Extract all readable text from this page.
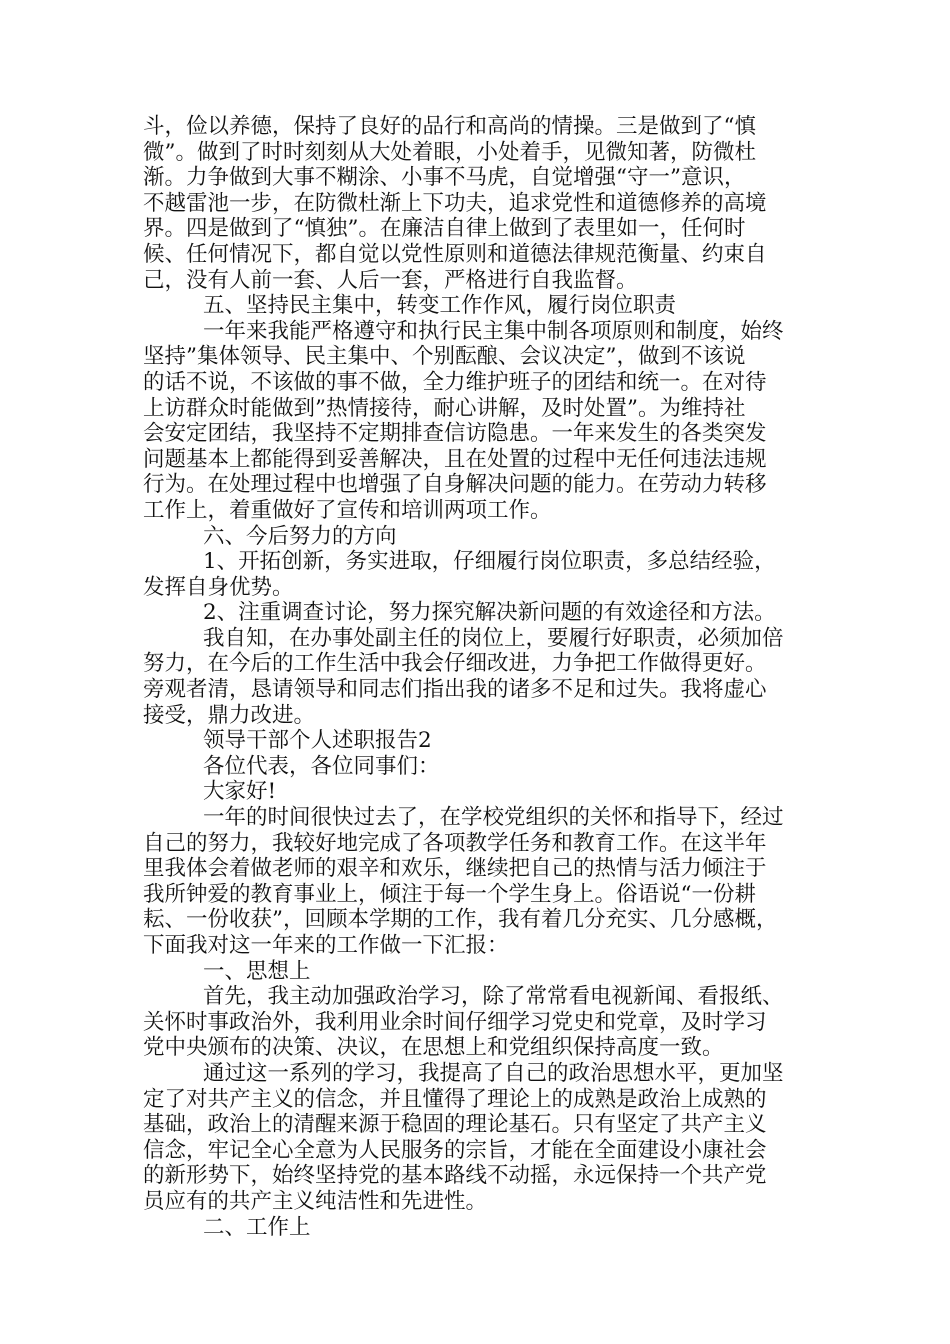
斗，俭以养德，保持了良好的品行和高尚的情操。三是做到了“慎
微”。做到了时时刻刻从大处着眼，小处着手，见微知著，防微杜
渐。力争做到大事不糊涂、小事不马虎，自觉增强“守一”意识，
不越雷池一步，在防微杜渐上下功夫，追求党性和道德修养的高境
界。四是做到了“慎独”。在廉洁自律上做到了表里如一，任何时
候、任何情况下，都自觉以党性原则和道德法律规范衡量、约束自
己，没有人前一套、人后一套，严格进行自我监督。
五、坚持民主集中，转变工作作风，履行岗位职责
一年来我能严格遵守和执行民主集中制各项原则和制度，始终
坚持”集体领导、民主集中、个别酝酿、会议决定”，做到不该说
的话不说，不该做的事不做，全力维护班子的团结和统一。在对待
上访群众时能做到”热情接待，耐心讲解，及时处置”。为维持社
会安定团结，我坚持不定期排查信访隐患。一年来发生的各类突发
问题基本上都能得到妥善解决，且在处置的过程中无任何违法违规
行为。在处理过程中也增强了自身解决问题的能力。在劳动力转移
工作上，着重做好了宣传和培训两项工作。
六、今后努力的方向
1、开拓创新，务实进取，仔细履行岗位职责，多总结经验，
发挥自身优势。
2、注重调查讨论，努力探究解决新问题的有效途径和方法。
我自知，在办事处副主任的岗位上，要履行好职责，必须加倍
努力，在今后的工作生活中我会仔细改进，力争把工作做得更好。
旁观者清，恳请领导和同志们指出我的诸多不足和过失。我将虚心
接受，鼎力改进。
领导干部个人述职报告2
各位代表，各位同事们：
大家好!
一年的时间很快过去了，在学校党组织的关怀和指导下，经过
自己的努力，我较好地完成了各项教学任务和教育工作。在这半年
里我体会着做老师的艰辛和欢乐，继续把自己的热情与活力倾注于
我所钟爱的教育事业上，倾注于每一个学生身上。俗语说“一份耕
耘、一份收获”，回顾本学期的工作，我有着几分充实、几分感概，
下面我对这一年来的工作做一下汇报：
一、思想上
首先，我主动加强政治学习，除了常常看电视新闻、看报纸、
关怀时事政治外，我利用业余时间仔细学习党史和党章，及时学习
党中央颁布的决策、决议，在思想上和党组织保持高度一致。
通过这一系列的学习，我提高了自己的政治思想水平，更加坚
定了对共产主义的信念，并且懂得了理论上的成熟是政治上成熟的
基础，政治上的清醒来源于稳固的理论基石。只有坚定了共产主义
信念，牢记全心全意为人民服务的宗旨，才能在全面建设小康社会
的新形势下，始终坚持党的基本路线不动摇，永远保持一个共产党
员应有的共产主义纯洁性和先进性。
二、工作上
